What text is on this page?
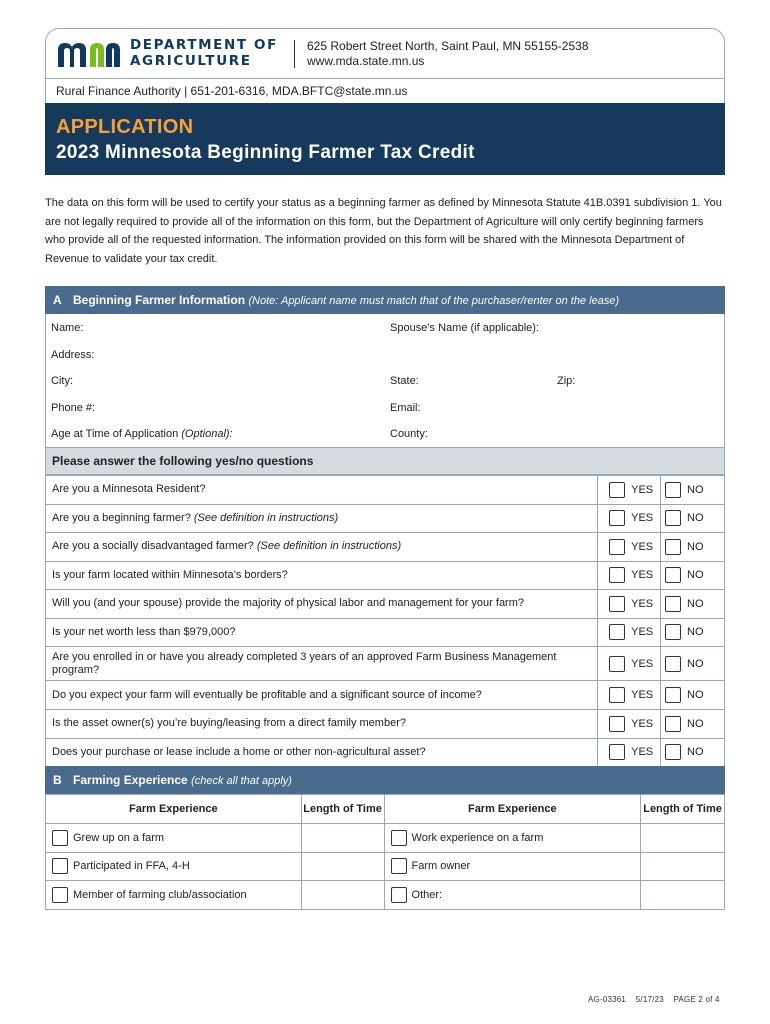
DEPARTMENT OF
AGRICULTURE
625 Robert Street North, Saint Paul, MN 55155-2538
www.mda.state.mn.us
Rural Finance Authority | 651-201-6316, MDA.BFTC@state.mn.us
APPLICATION
2023 Minnesota Beginning Farmer Tax Credit
The data on this form will be used to certify your status as a beginning farmer as defined by Minnesota Statute 41B.0391 subdivision 1. You are not legally required to provide all of the information on this form, but the Department of Agriculture will only certify beginning farmers who provide all of the requested information. The information provided on this form will be shared with the Minnesota Department of Revenue to validate your tax credit.
A Beginning Farmer Information (Note: Applicant name must match that of the purchaser/renter on the lease)
Name:	Spouse’s Name (if applicable):
Address:
City:	State:	Zip:
Phone #:	Email:
Age at Time of Application (Optional):	County:
Please answer the following yes/no questions
Are you a Minnesota Resident?	YES	NO
Are you a beginning farmer? (See definition in instructions)	YES	NO
Are you a socially disadvantaged farmer? (See definition in instructions)	YES	NO
Is your farm located within Minnesota’s borders?	YES	NO
Will you (and your spouse) provide the majority of physical labor and management for your farm?	YES	NO
Is your net worth less than $979,000?	YES	NO
Are you enrolled in or have you already completed 3 years of an approved Farm Business Management program?	YES	NO
Do you expect your farm will eventually be profitable and a significant source of income?	YES	NO
Is the asset owner(s) you’re buying/leasing from a direct family member?	YES	NO
Does your purchase or lease include a home or other non-agricultural asset?	YES	NO
B Farming Experience (check all that apply)
Farm Experience	Length of Time	Farm Experience	Length of Time
Grew up on a farm		Work experience on a farm	
Participated in FFA, 4-H		Farm owner	
Member of farming club/association		Other:	
AG-03361 5/17/23 PAGE 2 of 4
